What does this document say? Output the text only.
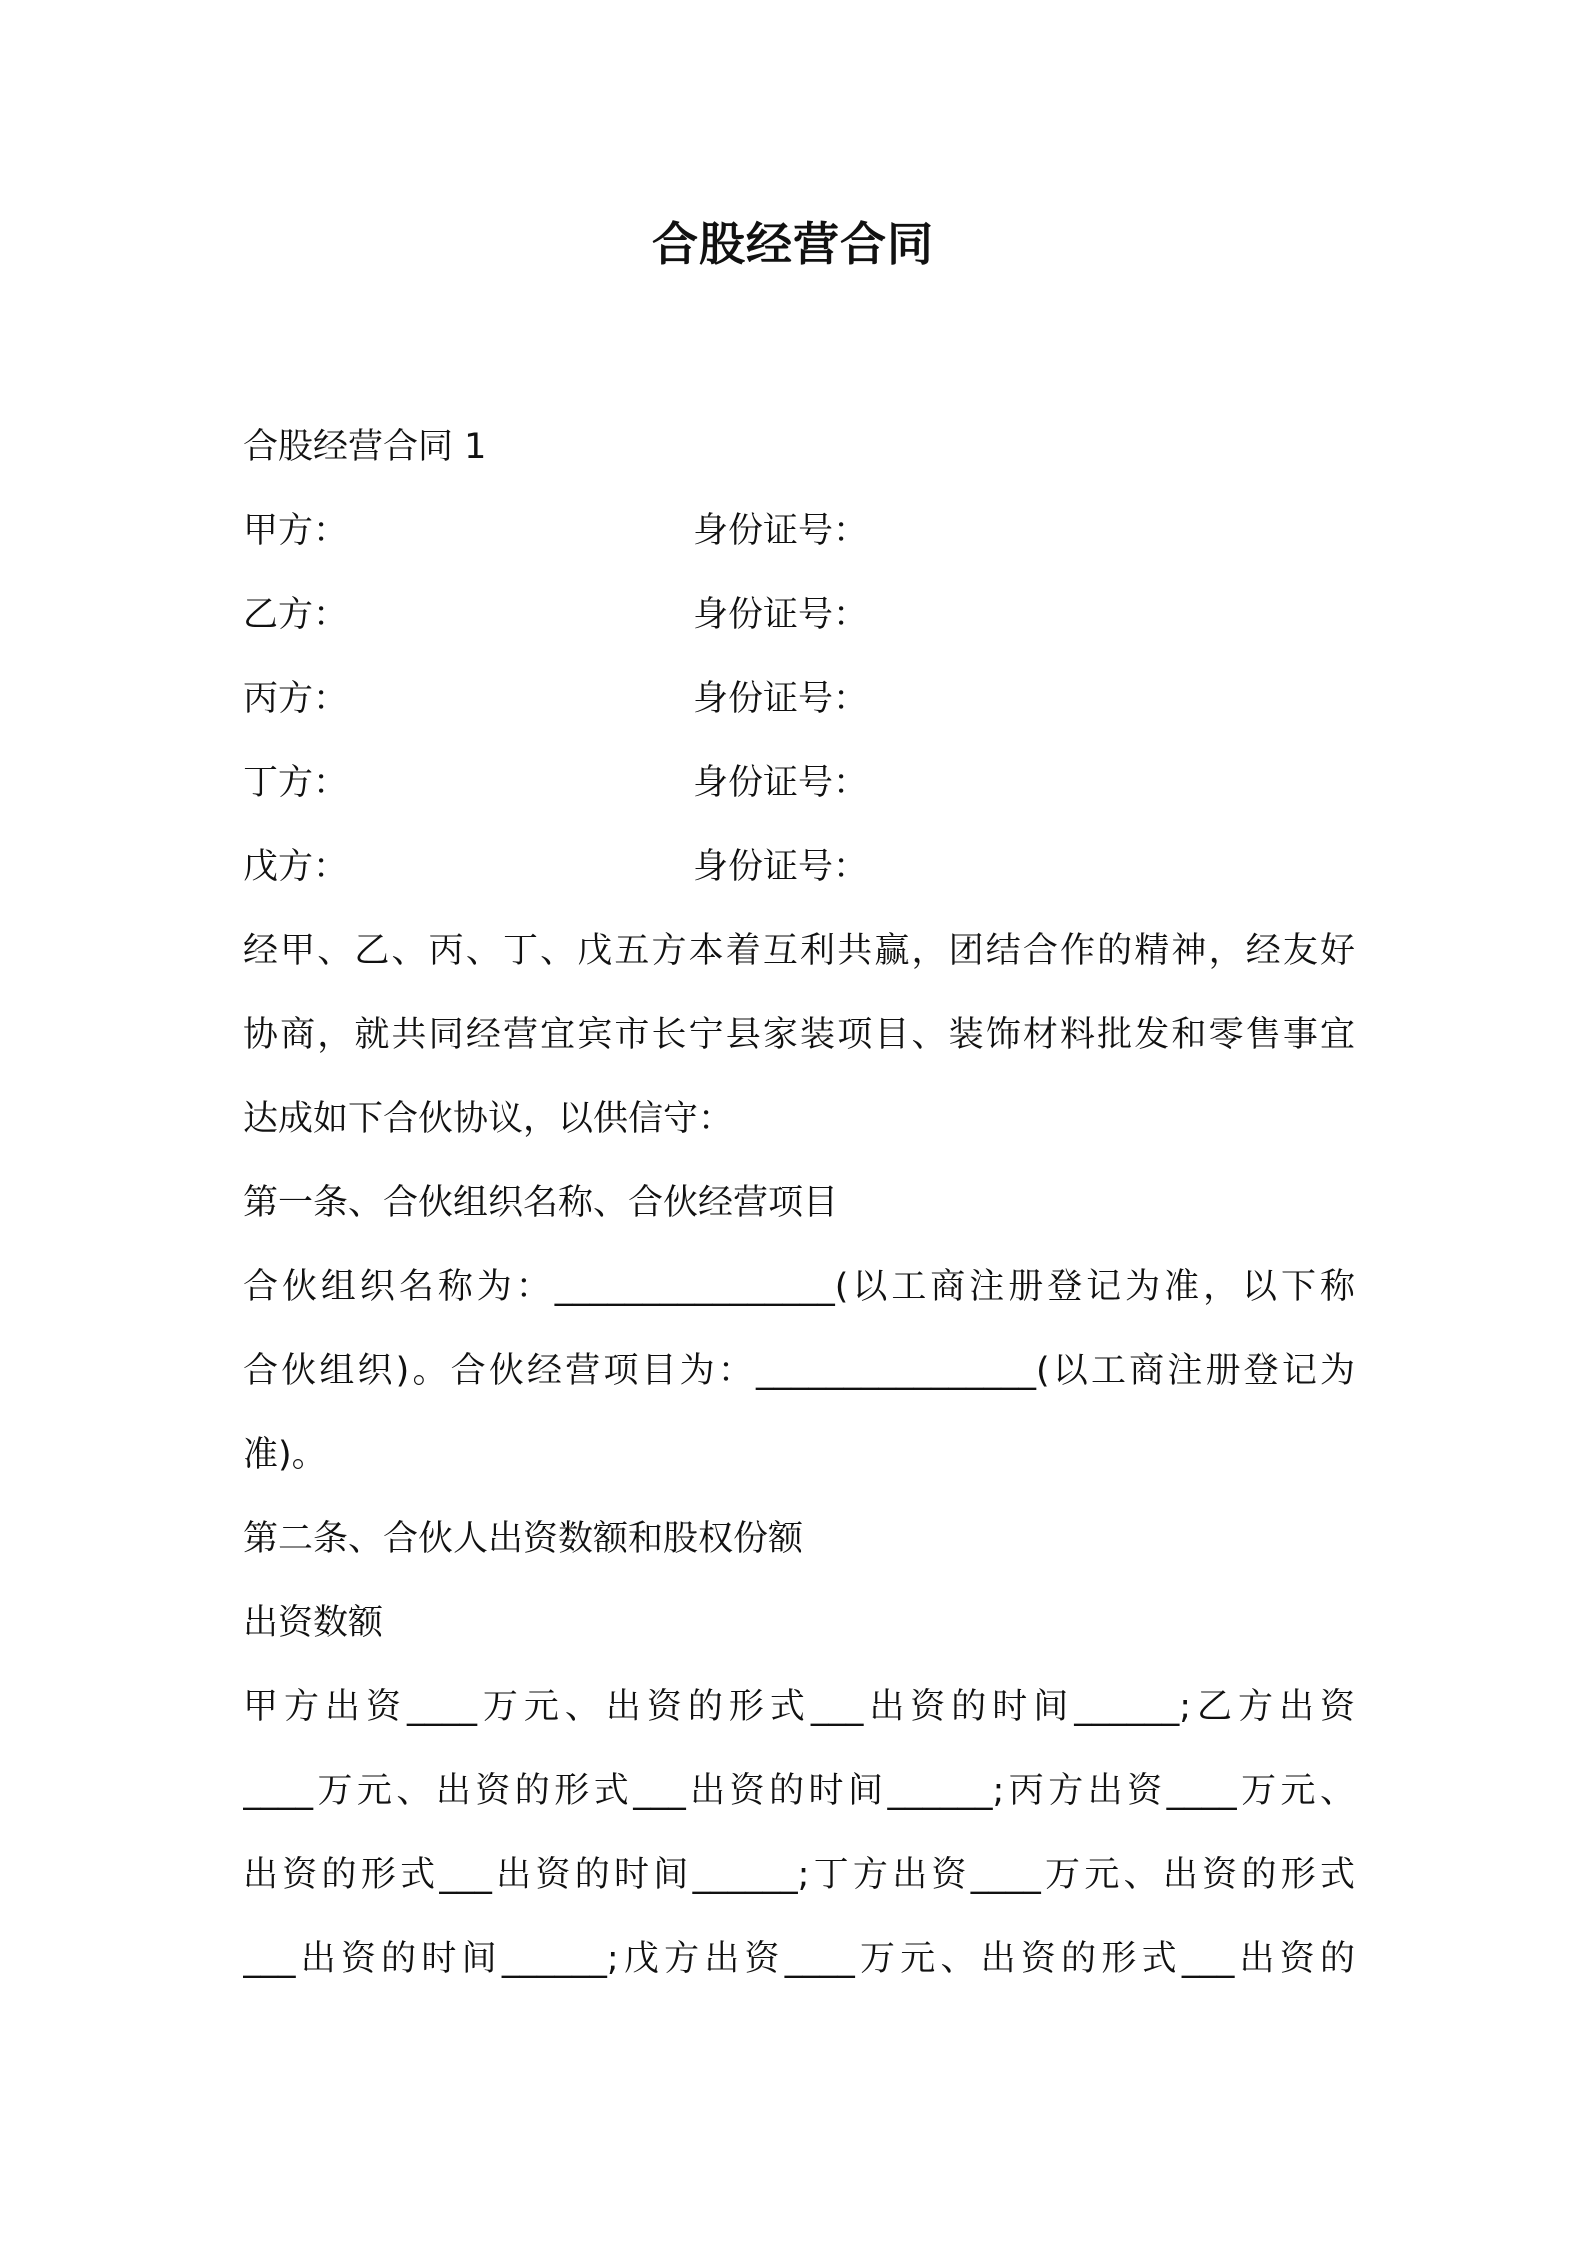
合股经营合同
合股经营合同 1
甲方：	身份证号：
乙方：	身份证号：
丙方：	身份证号：
丁方：	身份证号：
戊方：	身份证号：
经甲、乙、丙、丁、戊五方本着互利共赢，团结合作的精神，经友好
协商，就共同经营宜宾市长宁县家装项目、装饰材料批发和零售事宜
达成如下合伙协议，以供信守：
第一条、合伙组织名称、合伙经营项目
合伙组织名称为：________________(以工商注册登记为准，以下称
合伙组织)。合伙经营项目为：________________(以工商注册登记为
准)。
第二条、合伙人出资数额和股权份额
出资数额
甲方出资____万元、出资的形式___出资的时间______;乙方出资
____万元、出资的形式___出资的时间______;丙方出资____万元、
出资的形式___出资的时间______;丁方出资____万元、出资的形式
___出资的时间______;戊方出资____万元、出资的形式___出资的
